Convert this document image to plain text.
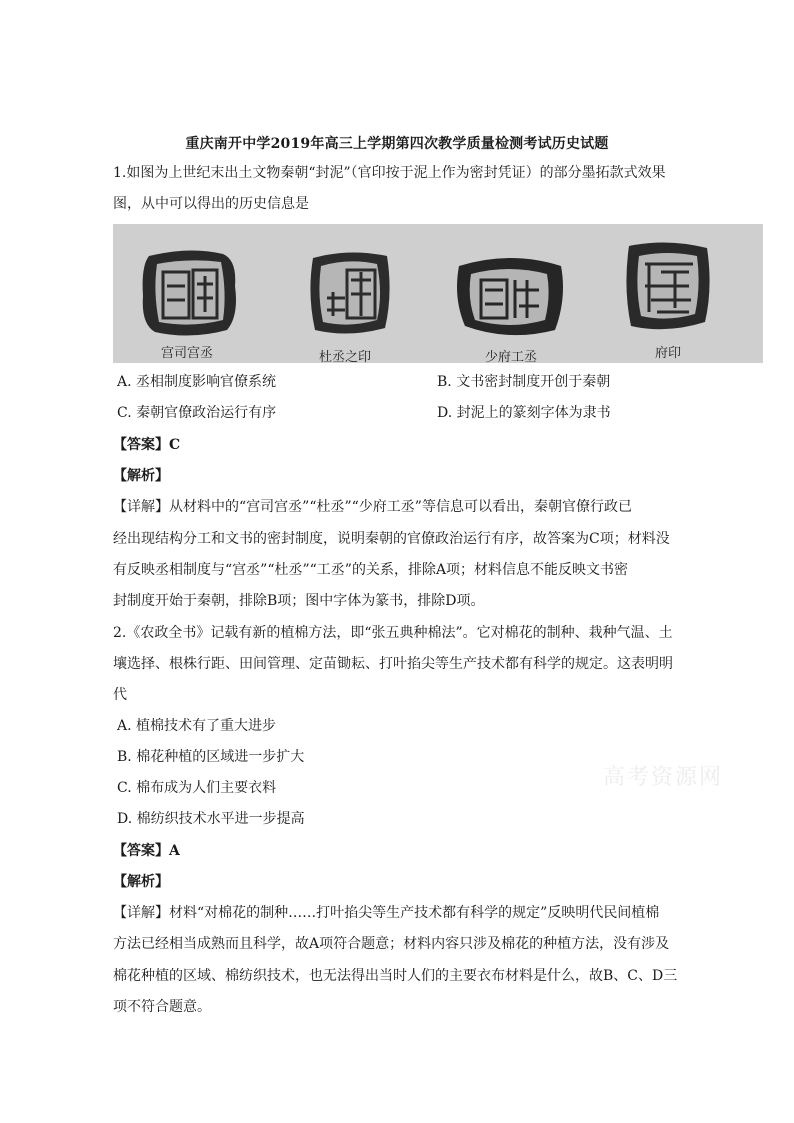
重庆南开中学2019年高三上学期第四次教学质量检测考试历史试题
1.如图为上世纪末出土文物秦朝“封泥”（官印按于泥上作为密封凭证）的部分墨拓款式效果
图，从中可以得出的历史信息是
宫司宫丞	杜丞之印	少府工丞	府印
A. 丞相制度影响官僚系统	B. 文书密封制度开创于秦朝
C. 秦朝官僚政治运行有序	D. 封泥上的篆刻字体为隶书
【答案】C
【解析】
【详解】从材料中的“宫司宫丞”“杜丞”“少府工丞”等信息可以看出，秦朝官僚行政已
经出现结构分工和文书的密封制度，说明秦朝的官僚政治运行有序，故答案为C项；材料没
有反映丞相制度与“宫丞”“杜丞”“工丞”的关系，排除A项；材料信息不能反映文书密
封制度开始于秦朝，排除B项；图中字体为篆书，排除D项。
2.《农政全书》记载有新的植棉方法，即“张五典种棉法”。它对棉花的制种、栽种气温、土
壤选择、根株行距、田间管理、定苗锄耘、打叶掐尖等生产技术都有科学的规定。这表明明
代
A. 植棉技术有了重大进步
B. 棉花种植的区域进一步扩大
C. 棉布成为人们主要衣料
D. 棉纺织技术水平进一步提高
【答案】A
【解析】
【详解】材料“对棉花的制种……打叶掐尖等生产技术都有科学的规定”反映明代民间植棉
方法已经相当成熟而且科学，故A项符合题意；材料内容只涉及棉花的种植方法，没有涉及
棉花种植的区域、棉纺织技术，也无法得出当时人们的主要衣布材料是什么，故B、C、D三
项不符合题意。
高考资源网
